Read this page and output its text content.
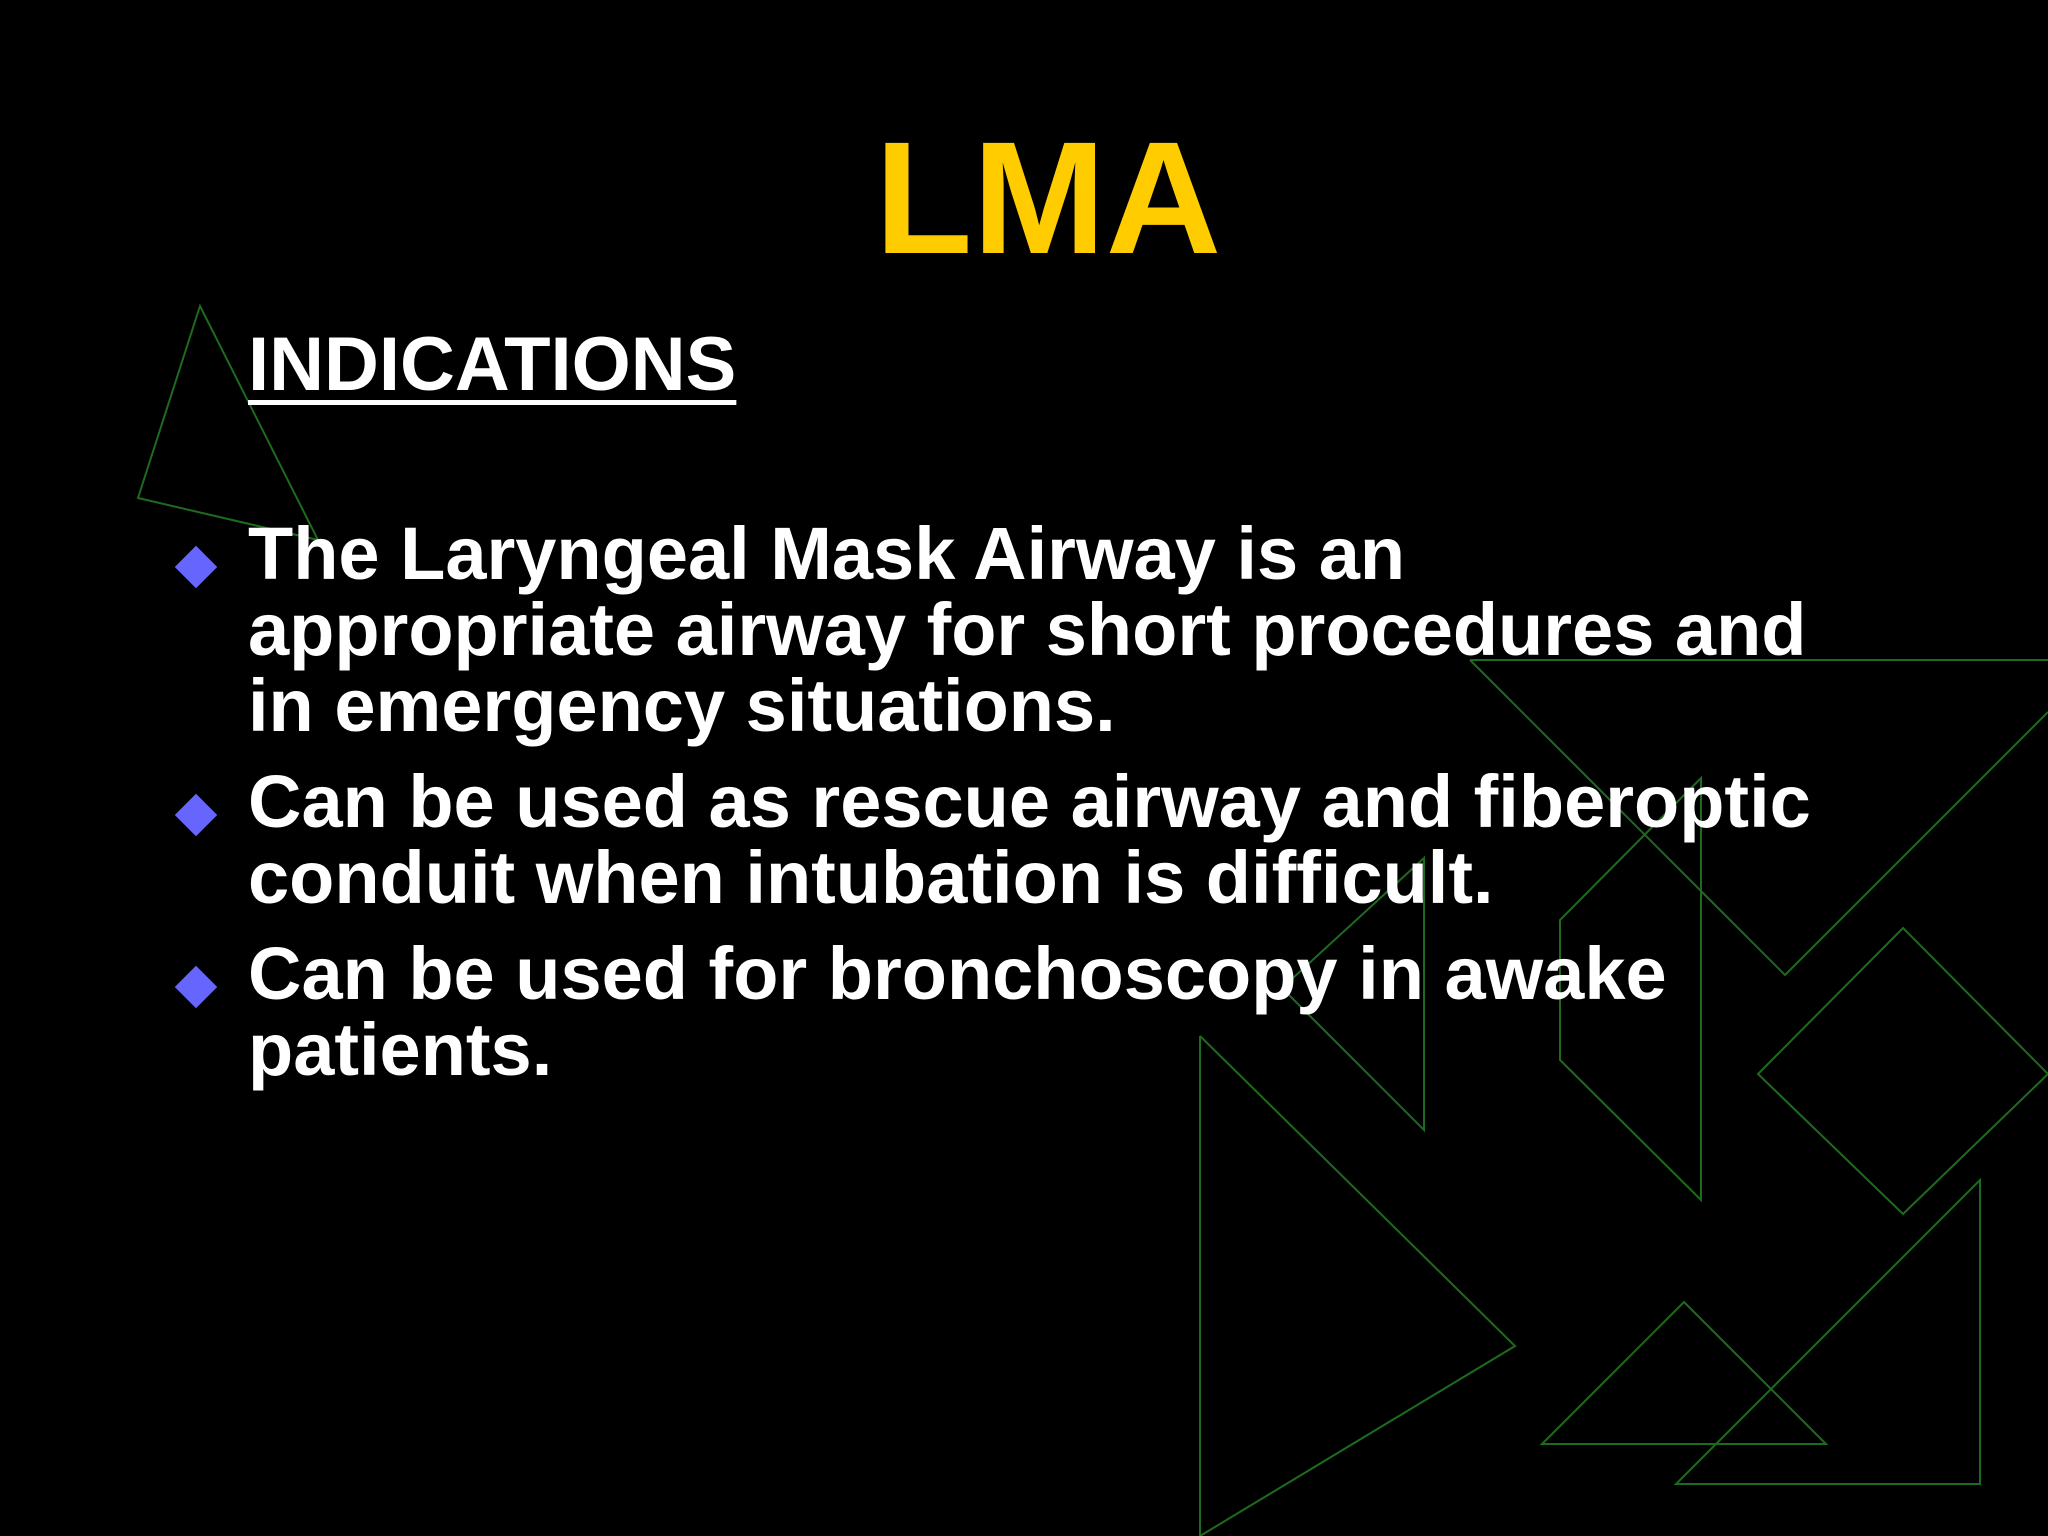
LMA
INDICATIONS
The Laryngeal Mask Airway is an appropriate airway for short procedures and in emergency situations.
Can be used as rescue airway and fiberoptic conduit when intubation is difficult.
Can be used for bronchoscopy in awake patients.
